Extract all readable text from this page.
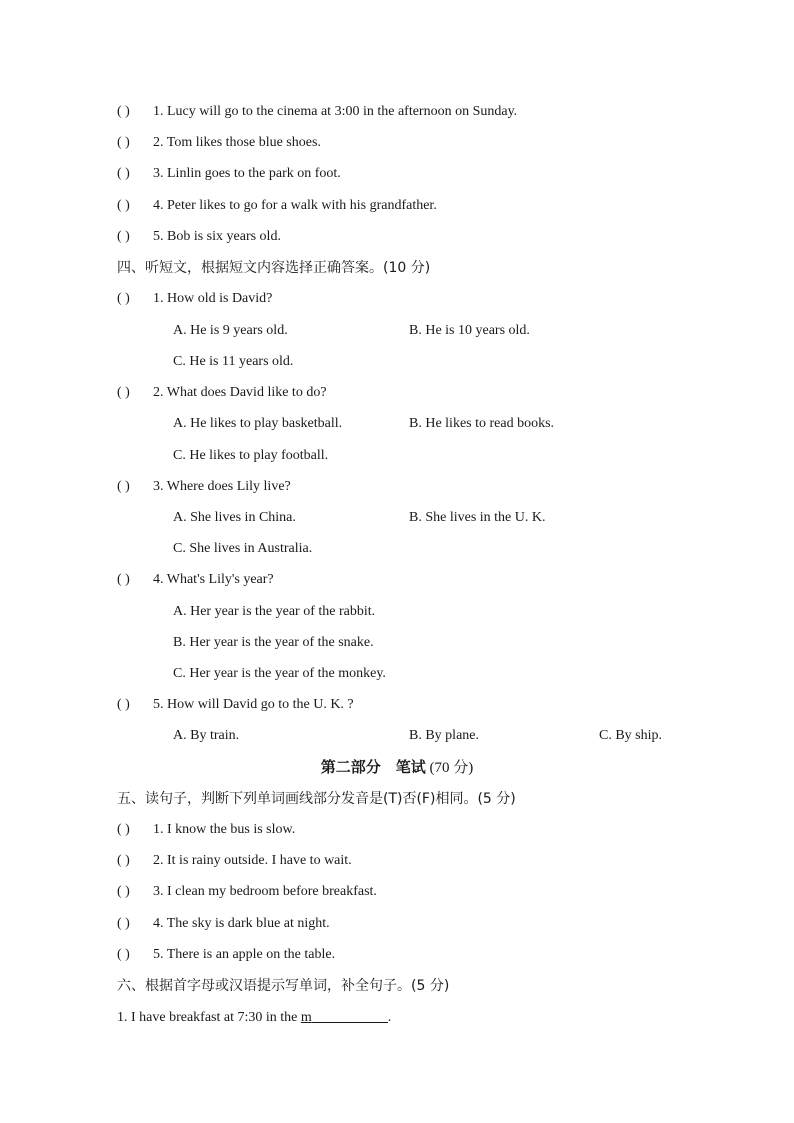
( ) 1. Lucy will go to the cinema at 3:00 in the afternoon on Sunday.
( ) 2. Tom likes those blue shoes.
( ) 3. Linlin goes to the park on foot.
( ) 4. Peter likes to go for a walk with his grandfather.
( ) 5. Bob is six years old.
四、听短文，根据短文内容选择正确答案。(10 分)
( ) 1. How old is David?
A. He is 9 years old.	B. He is 10 years old.
C. He is 11 years old.
( ) 2. What does David like to do?
A. He likes to play basketball.	B. He likes to read books.
C. He likes to play football.
( ) 3. Where does Lily live?
A. She lives in China.	B. She lives in the U. K.
C. She lives in Australia.
( ) 4. What's Lily's year?
A. Her year is the year of the rabbit.
B. Her year is the year of the snake.
C. Her year is the year of the monkey.
( ) 5. How will David go to the U. K. ?
A. By train.	B. By plane.	C. By ship.
第二部分　笔试 (70 分)
五、读句子，判断下列单词画线部分发音是(T)否(F)相同。(5 分)
( ) 1. I know the bus is slow.
( ) 2. It is rainy outside. I have to wait.
( ) 3. I clean my bedroom before breakfast.
( ) 4. The sky is dark blue at night.
( ) 5. There is an apple on the table.
六、根据首字母或汉语提示写单词，补全句子。(5 分)
1. I have breakfast at 7:30 in the m	.
